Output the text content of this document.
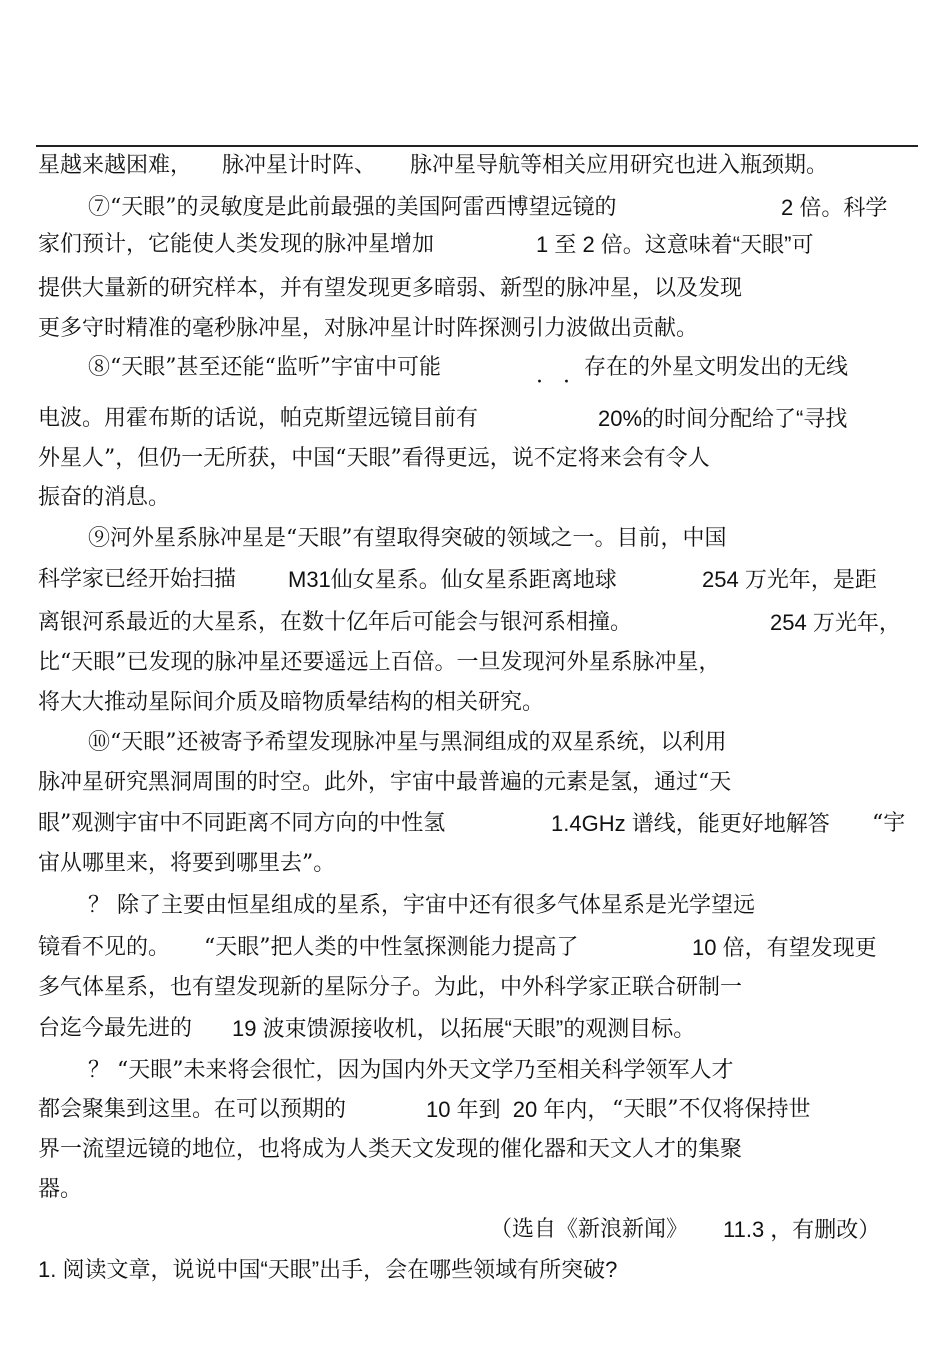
星越来越困难， 脉冲星计时阵、 脉冲星导航等相关应用研究也进入瓶颈期。
⑦“天眼”的灵敏度是此前最强的美国阿雷西博望远镜的	2 倍。科学
家们预计，它能使人类发现的脉冲星增加	1 至 2 倍。这意味着“天眼”可
提供大量新的研究样本，并有望发现更多暗弱、新型的脉冲星，以及发现
更多守时精准的毫秒脉冲星，对脉冲星计时阵探测引力波做出贡献。
⑧“天眼”甚至还能“监听”宇宙中可能	存在的外星文明发出的无线
电波。用霍布斯的话说，帕克斯望远镜目前有	20%的时间分配给了“寻找
外星人”，但仍一无所获，中国“天眼”看得更远，说不定将来会有令人
振奋的消息。
⑨河外星系脉冲星是“天眼”有望取得突破的领域之一。目前，中国
科学家已经开始扫描 M31仙女星系。仙女星系距离地球	254 万光年，是距
离银河系最近的大星系，在数十亿年后可能会与银河系相撞。	254 万光年，
比“天眼”已发现的脉冲星还要遥远上百倍。一旦发现河外星系脉冲星，
将大大推动星际间介质及暗物质晕结构的相关研究。
⑩“天眼”还被寄予希望发现脉冲星与黑洞组成的双星系统，以利用
脉冲星研究黑洞周围的时空。此外，宇宙中最普遍的元素是氢，通过“天
眼”观测宇宙中不同距离不同方向的中性氢	1.4GHz 谱线，能更好地解答 “宇
宙从哪里来，将要到哪里去”。
？ 除了主要由恒星组成的星系，宇宙中还有很多气体星系是光学望远
镜看不见的。 “天眼”把人类的中性氢探测能力提高了	10 倍，有望发现更
多气体星系，也有望发现新的星际分子。为此，中外科学家正联合研制一
台迄今最先进的 19 波束馈源接收机，以拓展“天眼”的观测目标。
？ “天眼”未来将会很忙，因为国内外天文学乃至相关科学领军人才
都会聚集到这里。在可以预期的	10 年到  20 年内， “天眼”不仅将保持世
界一流望远镜的地位，也将成为人类天文发现的催化器和天文人才的集聚
器。
（选自《新浪新闻》 11.3 ，有删改）
1. 阅读文章，说说中国“天眼”出手，会在哪些领域有所突破?
··
